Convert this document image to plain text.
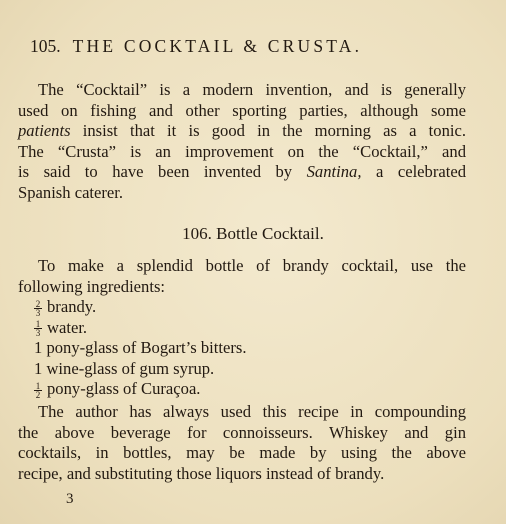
105. THE COCKTAIL & CRUSTA.
The “Cocktail” is a modern invention, and is generally
used on fishing and other sporting parties, although some
patients insist that it is good in the morning as a tonic.
The “Crusta” is an improvement on the “Cocktail,” and
is said to have been invented by Santina, a celebrated
Spanish caterer.
106. Bottle Cocktail.
To make a splendid bottle of brandy cocktail, use the
following ingredients:
$\frac{2}{3}$ brandy.
$\frac{1}{3}$ water.
1 pony-glass of Bogart’s bitters.
1 wine-glass of gum syrup.
$\frac{1}{2}$ pony-glass of Curaçoa.
The author has always used this recipe in compounding
the above beverage for connoisseurs. Whiskey and gin
cocktails, in bottles, may be made by using the above
recipe, and substituting those liquors instead of brandy.
3
